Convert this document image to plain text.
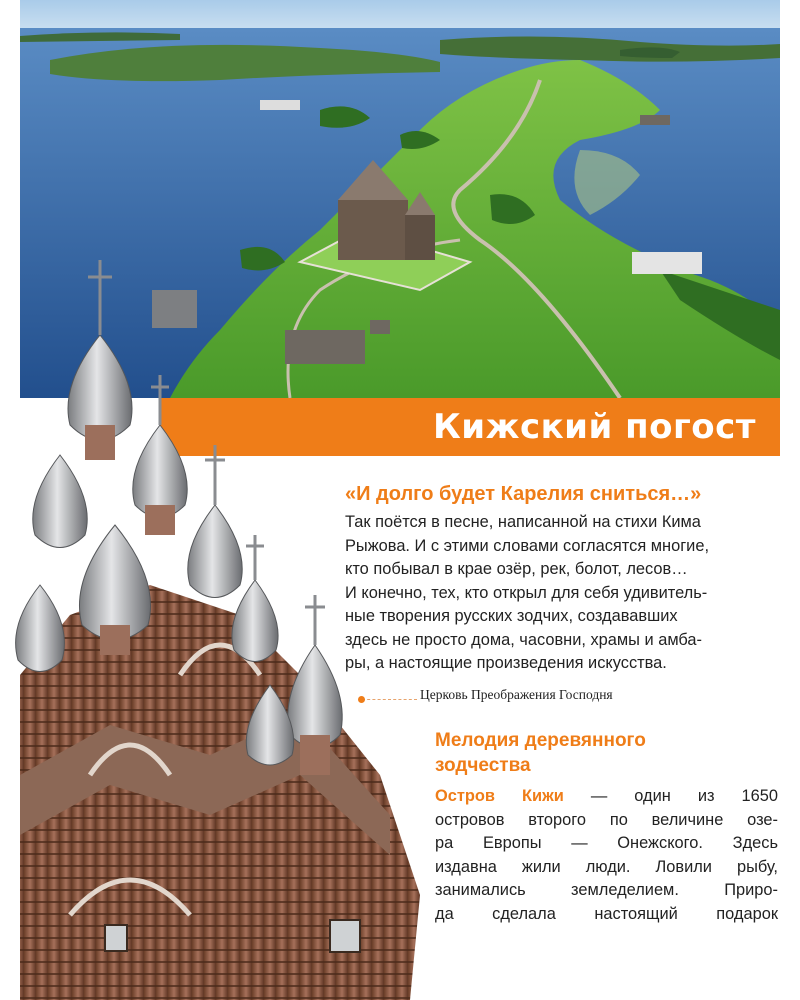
Кижский погост
«И долго будет Карелия сниться…»
Так поётся в песне, написанной на стихи Кима
Рыжова. И с этими словами согласятся многие,
кто побывал в крае озёр, рек, болот, лесов…
И конечно, тех, кто открыл для себя удивитель-
ные творения русских зодчих, создававших
здесь не просто дома, часовни, храмы и амба-
ры, а настоящие произведения искусства.
Церковь Преображения Господня
Мелодия деревянного
зодчества
Остров Кижи — один из 1650
островов второго по величине озе-
ра Европы — Онежского. Здесь
издавна жили люди. Ловили рыбу,
занимались земледелием. Приро-
да сделала настоящий подарок
